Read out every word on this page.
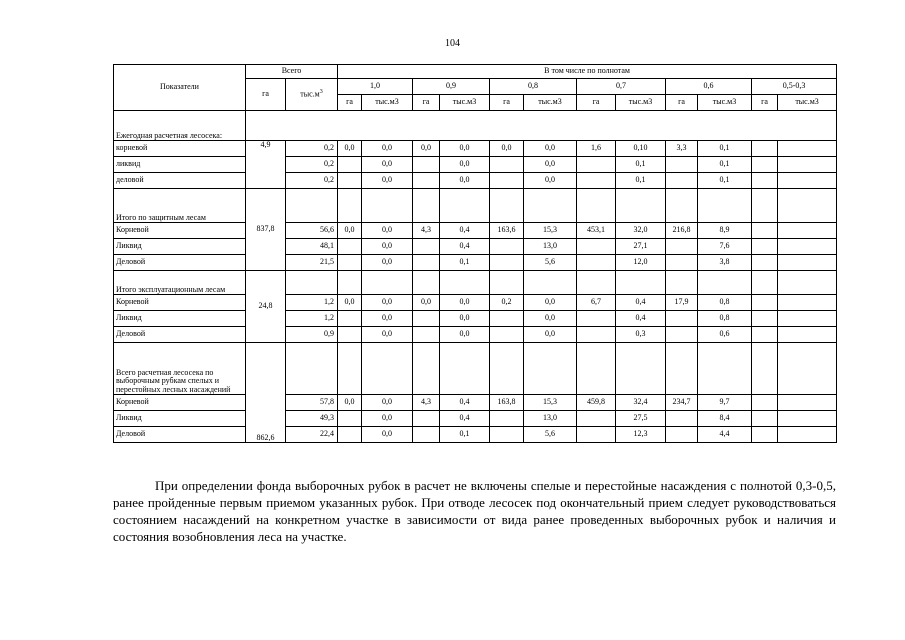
104
Показатели	Всего		В том числе по полнотам											
	га	$тыс.м^3$	1,0		0,9		0,8		0,7		0,6		0,5-0,3	
			га	тыс.м3	га	тыс.м3	га	тыс.м3	га	тыс.м3	га	тыс.м3	га	тыс.м3
Ежегодная расчетная лесосека:														
корневой	4,9	0,2	0,0	0,0	0,0	0,0	0,0	0,0	1,6	0,10	3,3	0,1		
ликвид		0,2		0,0		0,0		0,0		0,1		0,1		
деловой		0,2		0,0		0,0		0,0		0,1		0,1		
Итого по защитным лесам	837,8													
Корневой		56,6	0,0	0,0	4,3	0,4	163,6	15,3	453,1	32,0	216,8	8,9		
Ликвид		48,1		0,0		0,4		13,0		27,1		7,6		
Деловой		21,5		0,0		0,1		5,6		12,0		3,8		
Итого эксплуатационным лесам	24,8													
Корневой		1,2	0,0	0,0	0,0	0,0	0,2	0,0	6,7	0,4	17,9	0,8		
Ликвид		1,2		0,0		0,0		0,0		0,4		0,8		
Деловой		0,9		0,0		0,0		0,0		0,3		0,6		
Всего расчетная лесосека по выборочным рубкам спелых и перестойных лесных насаждений	862,6													
Корневой		57,8	0,0	0,0	4,3	0,4	163,8	15,3	459,8	32,4	234,7	9,7		
Ликвид		49,3		0,0		0,4		13,0		27,5		8,4		
Деловой		22,4		0,0		0,1		5,6		12,3		4,4		

При определении фонда выборочных рубок в расчет не включены спелые и перестойные насаждения с полнотой 0,3-0,5, ранее пройденные первым приемом указанных рубок. При отводе лесосек под окончательный прием следует руководствоваться состоянием насаждений на конкретном участке в зависимости от вида ранее проведенных выборочных рубок и наличия и состояния возобновления леса на участке.
